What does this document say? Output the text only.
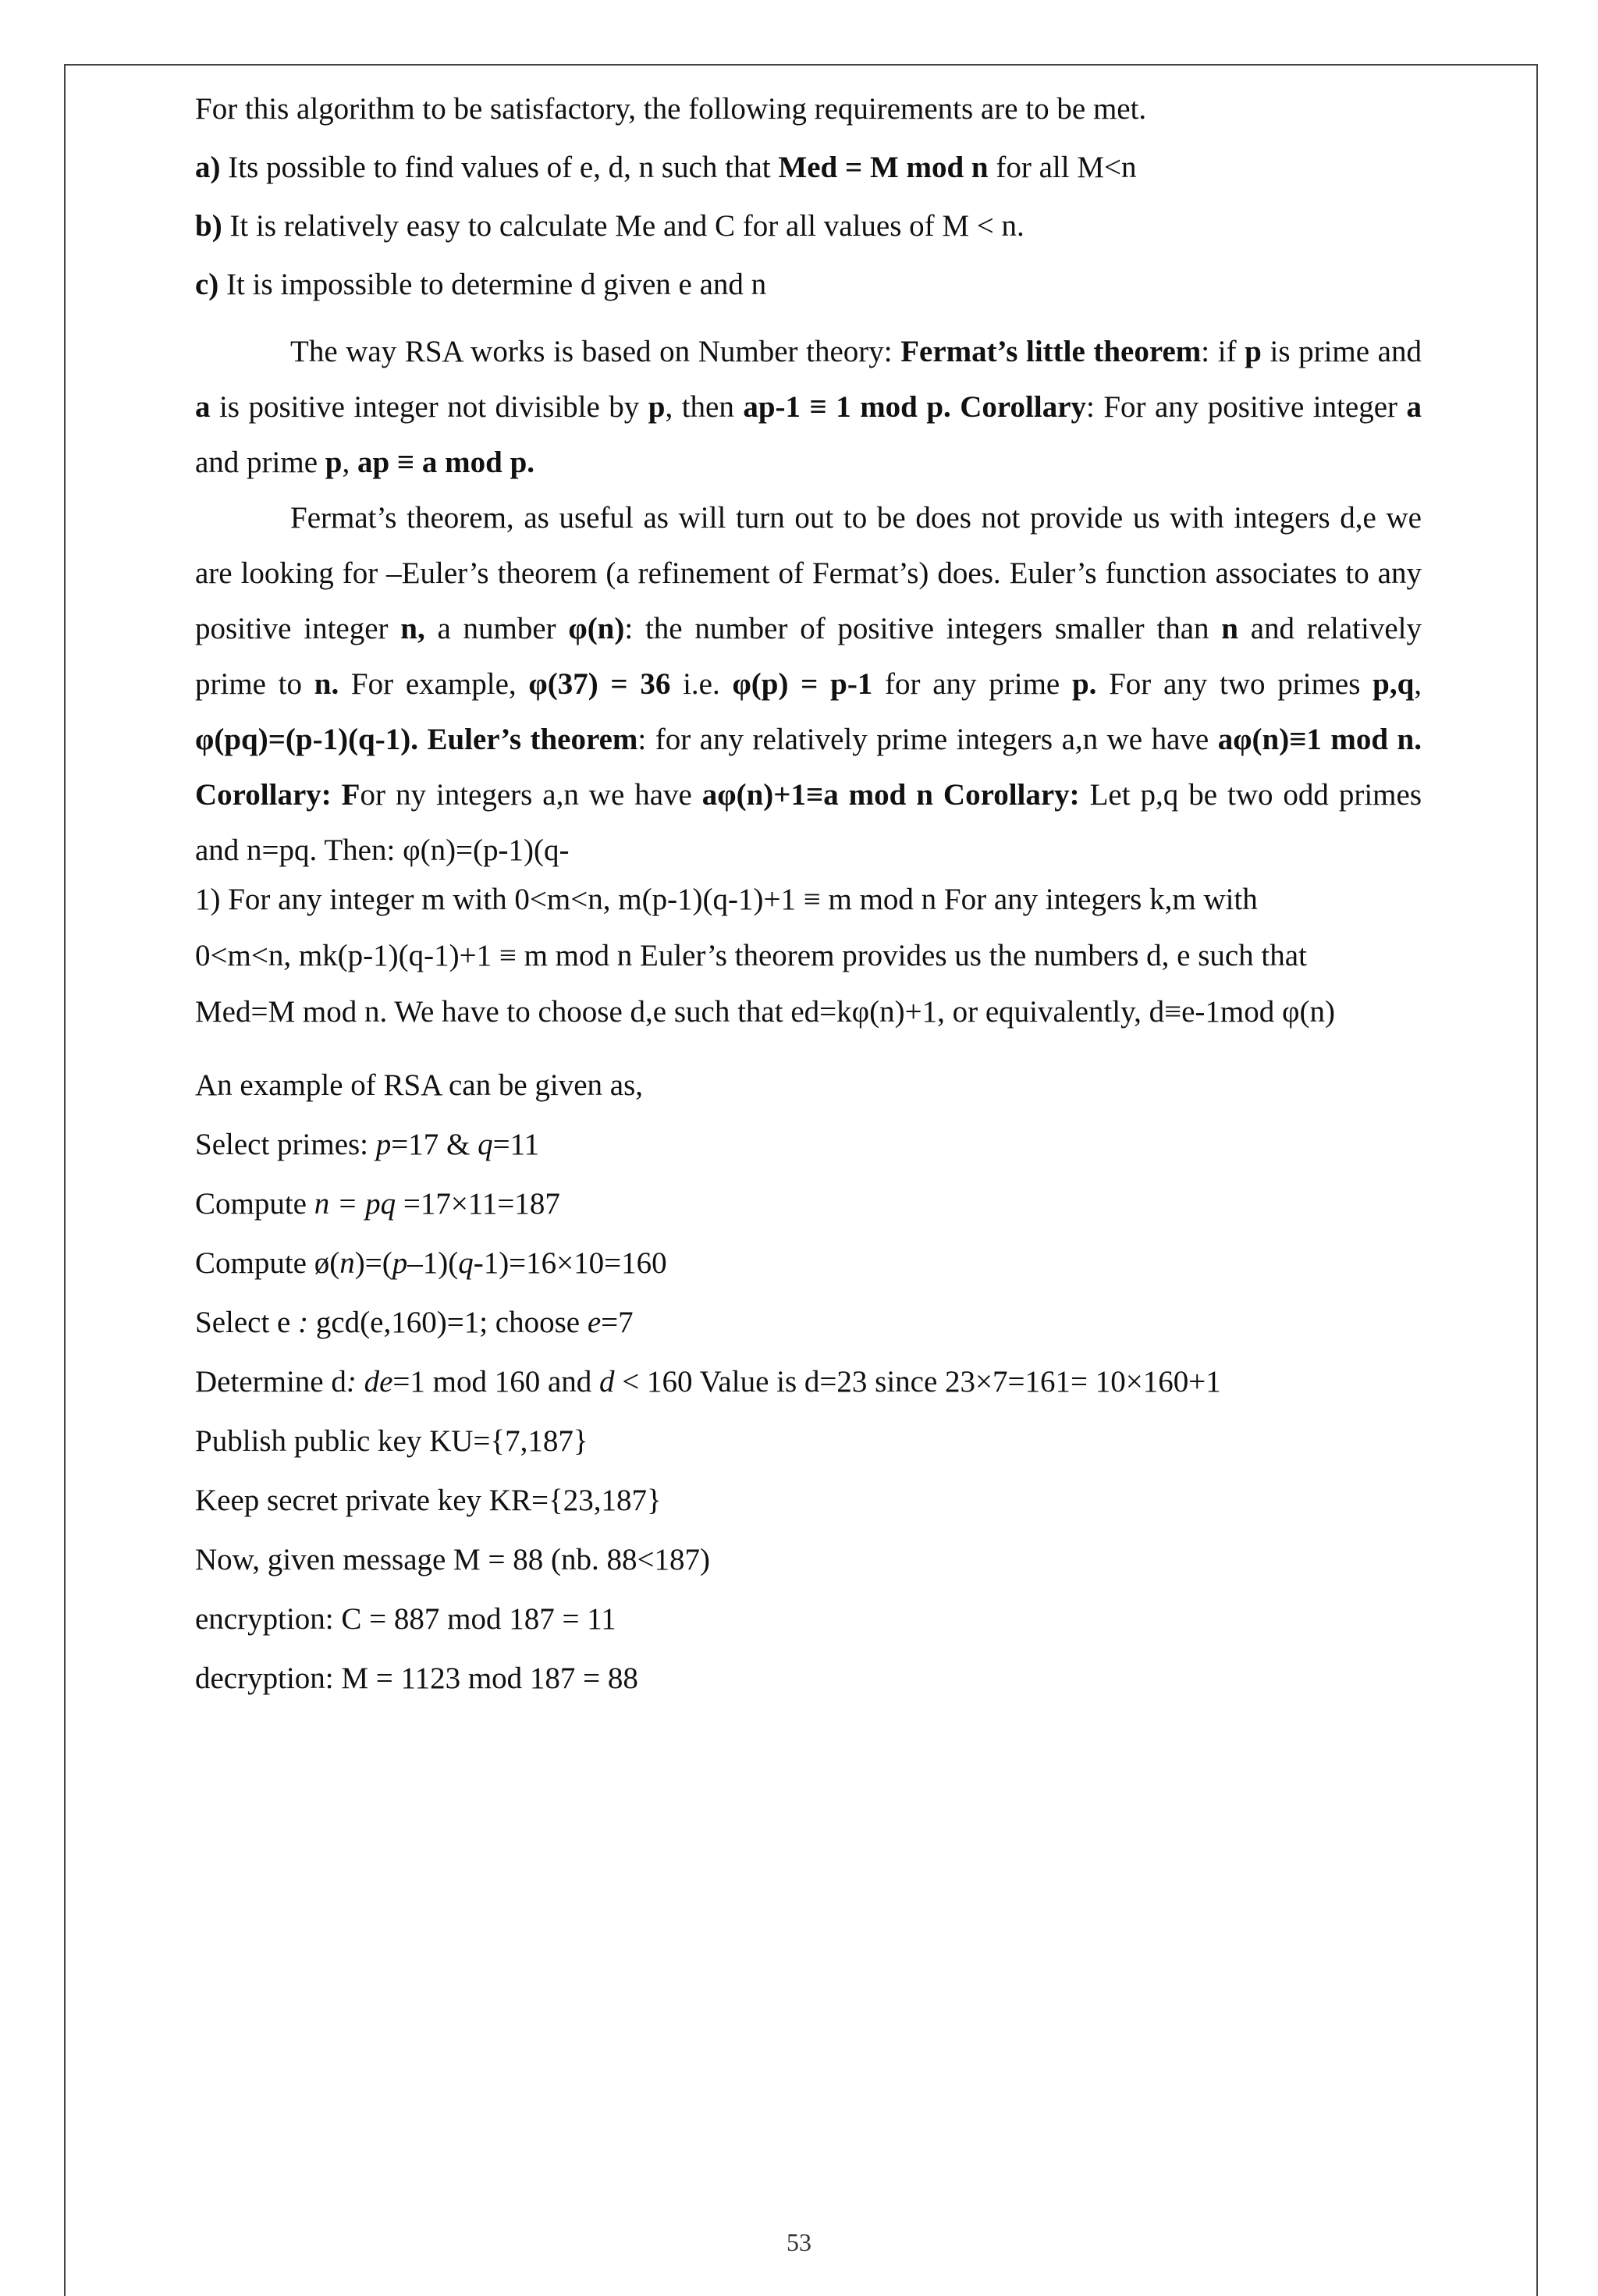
For this algorithm to be satisfactory, the following requirements are to be met.
a) Its possible to find values of e, d, n such that Med = M mod n for all M<n
b) It is relatively easy to calculate Me and C for all values of M < n.
c) It is impossible to determine d given e and n
The way RSA works is based on Number theory: Fermat’s little theorem: if p is prime and a is positive integer not divisible by p, then ap-1 ≡ 1 mod p. Corollary: For any positive integer a and prime p, ap ≡ a mod p.
Fermat’s theorem, as useful as will turn out to be does not provide us with integers d,e we are looking for –Euler’s theorem (a refinement of Fermat’s) does. Euler’s function associates to any positive integer n, a number φ(n): the number of positive integers smaller than n and relatively prime to n. For example, φ(37) = 36 i.e. φ(p) = p-1 for any prime p. For any two primes p,q, φ(pq)=(p-1)(q-1). Euler’s theorem: for any relatively prime integers a,n we have aφ(n)≡1 mod n. Corollary: For ny integers a,n we have aφ(n)+1≡a mod n Corollary: Let p,q be two odd primes and n=pq. Then: φ(n)=(p-1)(q-
1) For any integer m with 0<m<n, m(p-1)(q-1)+1 ≡ m mod n For any integers k,m with
0<m<n, mk(p-1)(q-1)+1 ≡ m mod n Euler’s theorem provides us the numbers d, e such that
Med=M mod n. We have to choose d,e such that ed=kφ(n)+1, or equivalently, d≡e-1mod φ(n)
An example of RSA can be given as,
Select primes: p=17 & q=11
Compute n = pq =17×11=187
Compute ø(n)=(p–1)(q-1)=16×10=160
Select e : gcd(e,160)=1; choose e=7
Determine d: de=1 mod 160 and d < 160 Value is d=23 since 23×7=161= 10×160+1
Publish public key KU={7,187}
Keep secret private key KR={23,187}
Now, given message M = 88 (nb. 88<187)
encryption: C = 887 mod 187 = 11
decryption: M = 1123 mod 187 = 88
53
